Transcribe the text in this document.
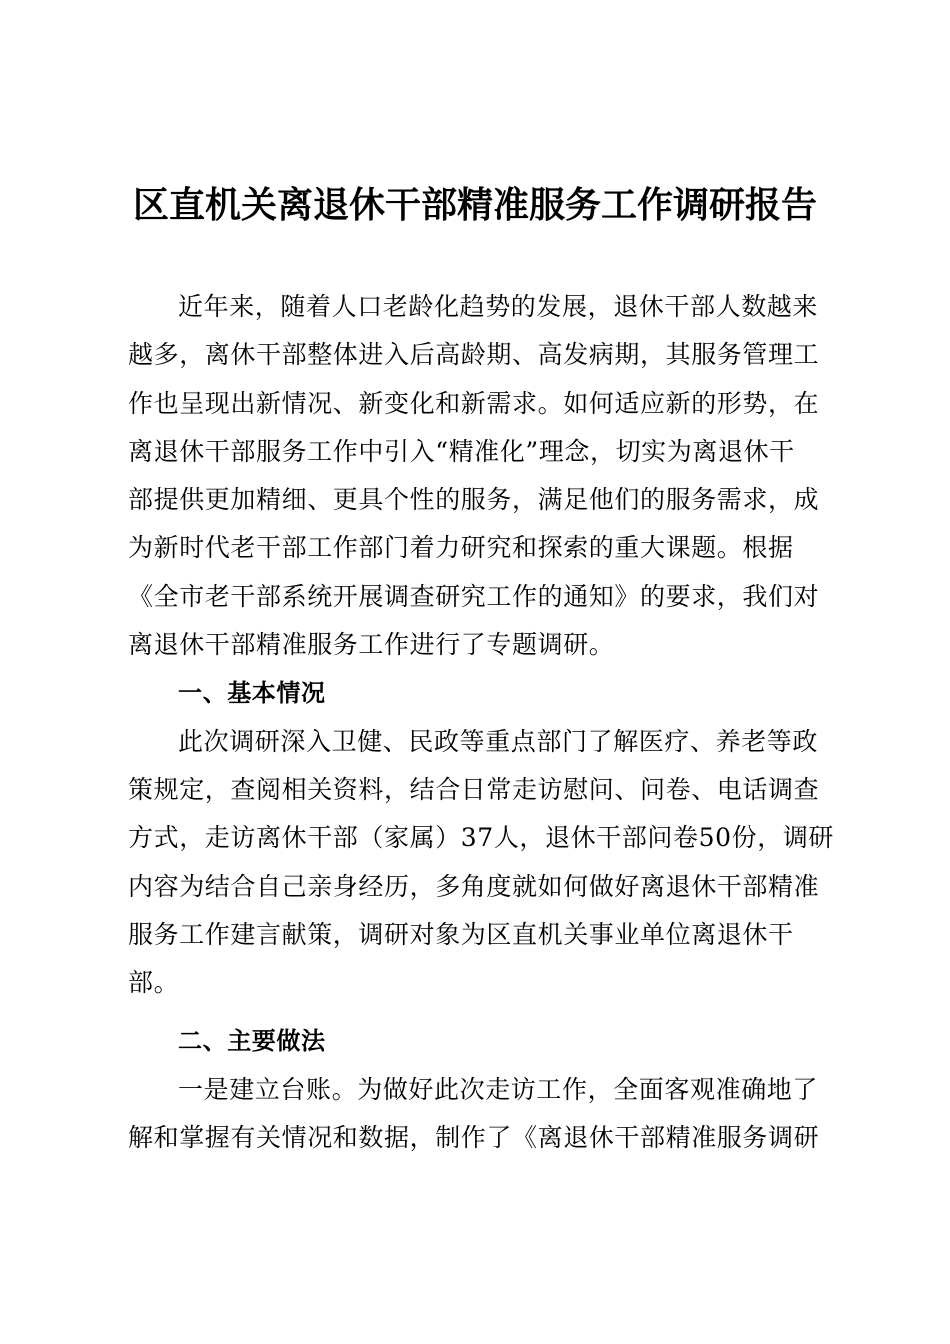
区直机关离退休干部精准服务工作调研报告
近年来，随着人口老龄化趋势的发展，退休干部人数越来
越多，离休干部整体进入后高龄期、高发病期，其服务管理工
作也呈现出新情况、新变化和新需求。如何适应新的形势，在
离退休干部服务工作中引入“精准化”理念，切实为离退休干
部提供更加精细、更具个性的服务，满足他们的服务需求，成
为新时代老干部工作部门着力研究和探索的重大课题。根据
《全市老干部系统开展调查研究工作的通知》的要求，我们对
离退休干部精准服务工作进行了专题调研。
一、基本情况
此次调研深入卫健、民政等重点部门了解医疗、养老等政
策规定，查阅相关资料，结合日常走访慰问、问卷、电话调查
方式，走访离休干部（家属）37人，退休干部问卷50份，调研
内容为结合自己亲身经历，多角度就如何做好离退休干部精准
服务工作建言献策，调研对象为区直机关事业单位离退休干
部。
二、主要做法
一是建立台账。为做好此次走访工作，全面客观准确地了
解和掌握有关情况和数据，制作了《离退休干部精准服务调研
